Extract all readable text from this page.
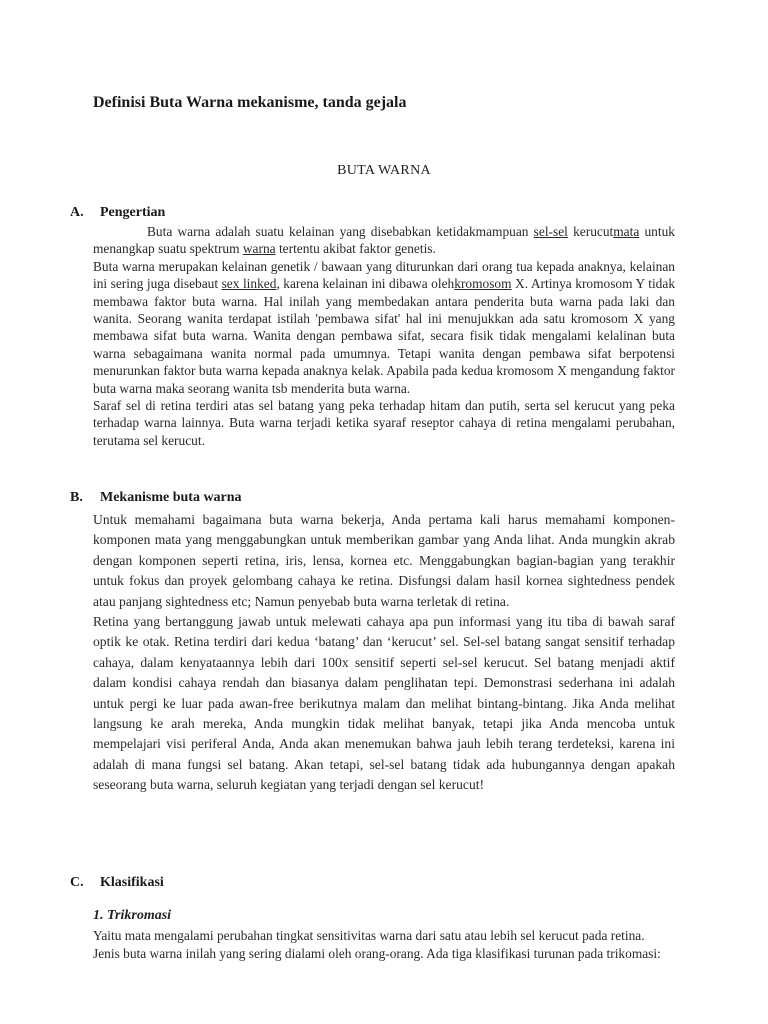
Definisi Buta Warna mekanisme, tanda gejala
BUTA WARNA
A. Pengertian

Buta warna adalah suatu kelainan yang disebabkan ketidakmampuan sel-sel kerucutmata untuk menangkap suatu spektrum warna tertentu akibat faktor genetis.

Buta warna merupakan kelainan genetik / bawaan yang diturunkan dari orang tua kepada anaknya, kelainan ini sering juga disebaut sex linked, karena kelainan ini dibawa olehkromosom X. Artinya kromosom Y tidak membawa faktor buta warna. Hal inilah yang membedakan antara penderita buta warna pada laki dan wanita. Seorang wanita terdapat istilah 'pembawa sifat' hal ini menujukkan ada satu kromosom X yang membawa sifat buta warna. Wanita dengan pembawa sifat, secara fisik tidak mengalami kelalinan buta warna sebagaimana wanita normal pada umumnya. Tetapi wanita dengan pembawa sifat berpotensi menurunkan faktor buta warna kepada anaknya kelak. Apabila pada kedua kromosom X mengandung faktor buta warna maka seorang wanita tsb menderita buta warna.

Saraf sel di retina terdiri atas sel batang yang peka terhadap hitam dan putih, serta sel kerucut yang peka terhadap warna lainnya. Buta warna terjadi ketika syaraf reseptor cahaya di retina mengalami perubahan, terutama sel kerucut.

B. Mekanisme buta warna

Untuk memahami bagaimana buta warna bekerja, Anda pertama kali harus memahami komponen-komponen mata yang menggabungkan untuk memberikan gambar yang Anda lihat. Anda mungkin akrab dengan komponen seperti retina, iris, lensa, kornea etc. Menggabungkan bagian-bagian yang terakhir untuk fokus dan proyek gelombang cahaya ke retina. Disfungsi dalam hasil kornea sightedness pendek atau panjang sightedness etc; Namun penyebab buta warna terletak di retina.

Retina yang bertanggung jawab untuk melewati cahaya apa pun informasi yang itu tiba di bawah saraf optik ke otak. Retina terdiri dari kedua ‘batang’ dan ‘kerucut’ sel. Sel-sel batang sangat sensitif terhadap cahaya, dalam kenyataannya lebih dari 100x sensitif seperti sel-sel kerucut. Sel batang menjadi aktif dalam kondisi cahaya rendah dan biasanya dalam penglihatan tepi. Demonstrasi sederhana ini adalah untuk pergi ke luar pada awan-free berikutnya malam dan melihat bintang-bintang. Jika Anda melihat langsung ke arah mereka, Anda mungkin tidak melihat banyak, tetapi jika Anda mencoba untuk mempelajari visi periferal Anda, Anda akan menemukan bahwa jauh lebih terang terdeteksi, karena ini adalah di mana fungsi sel batang. Akan tetapi, sel-sel batang tidak ada hubungannya dengan apakah seseorang buta warna, seluruh kegiatan yang terjadi dengan sel kerucut!

C. Klasifikasi
1. Trikromasi

Yaitu mata mengalami perubahan tingkat sensitivitas warna dari satu atau lebih sel kerucut pada retina. Jenis buta warna inilah yang sering dialami oleh orang-orang. Ada tiga klasifikasi turunan pada trikomasi:
